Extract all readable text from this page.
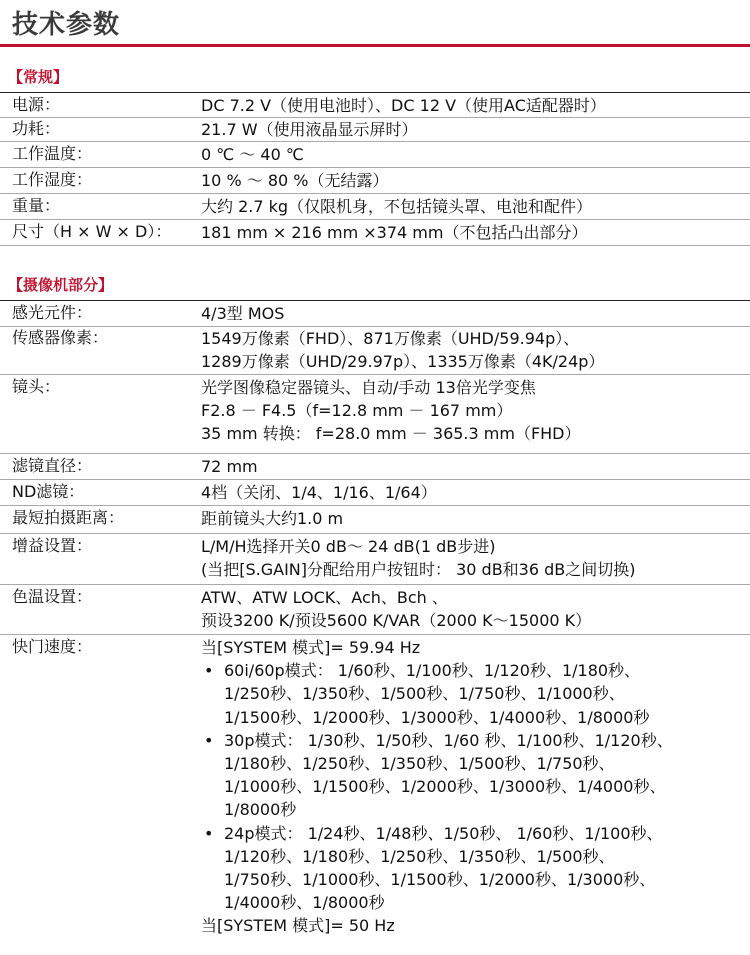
技术参数
【常规】
电源：	DC 7.2 V（使用电池时）、DC 12 V（使用AC适配器时）
功耗：	21.7 W（使用液晶显示屏时）
工作温度：	0 ℃ ～ 40 ℃
工作湿度：	10 % ～ 80 %（无结露）
重量：	大约 2.7 kg（仅限机身，不包括镜头罩、电池和配件）
尺寸（H × W × D）： 181 mm × 216 mm ×374 mm（不包括凸出部分）
【摄像机部分】
感光元件：	4/3型 MOS
传感器像素：	1549万像素（FHD）、871万像素（UHD/59.94p）、
1289万像素（UHD/29.97p）、1335万像素（4K/24p）
镜头：	光学图像稳定器镜头、自动/手动 13倍光学变焦
F2.8 － F4.5（f=12.8 mm － 167 mm）
35 mm 转换： f=28.0 mm － 365.3 mm（FHD）
滤镜直径：	72 mm
ND滤镜：	4档（关闭、1/4、1/16、1/64）
最短拍摄距离：	距前镜头大约1.0 m
增益设置：	L/M/H选择开关0 dB～ 24 dB(1 dB步进)
(当把[S.GAIN]分配给用户按钮时： 30 dB和36 dB之间切换)
色温设置：	ATW、ATW LOCK、Ach、Bch 、
预设3200 K/预设5600 K/VAR（2000 K～15000 K）
快门速度：	当[SYSTEM 模式]= 59.94 Hz
• 60i/60p模式： 1/60秒、1/100秒、1/120秒、1/180秒、
1/250秒、1/350秒、1/500秒、1/750秒、1/1000秒、
1/1500秒、1/2000秒、1/3000秒、1/4000秒、1/8000秒
• 30p模式： 1/30秒、1/50秒、1/60 秒、1/100秒、1/120秒、
1/180秒、1/250秒、1/350秒、1/500秒、1/750秒、
1/1000秒、1/1500秒、1/2000秒、1/3000秒、1/4000秒、
1/8000秒
• 24p模式： 1/24秒、1/48秒、1/50秒、 1/60秒、1/100秒、
1/120秒、1/180秒、1/250秒、1/350秒、1/500秒、
1/750秒、1/1000秒、1/1500秒、1/2000秒、1/3000秒、
1/4000秒、1/8000秒
当[SYSTEM 模式]= 50 Hz
